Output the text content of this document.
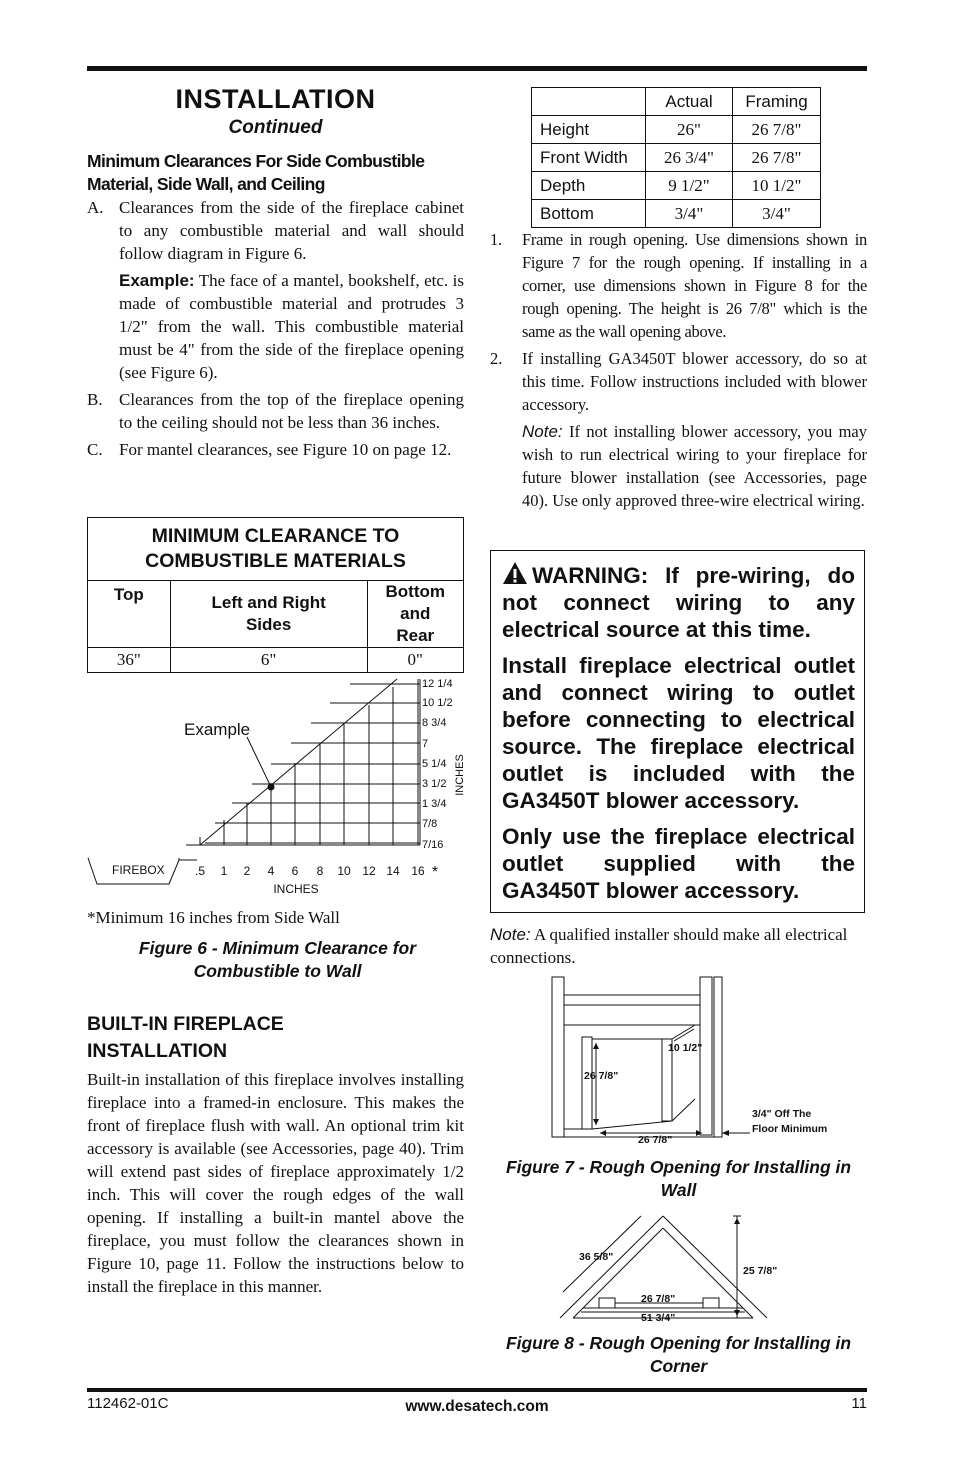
INSTALLATION
Continued
Minimum Clearances For Side Combustible Material, Side Wall, and Ceiling
A. Clearances from the side of the fireplace cabinet to any combustible material and wall should follow diagram in Figure 6.
Example: The face of a mantel, bookshelf, etc. is made of combustible material and protrudes 3 1/2" from the wall. This combustible material must be 4" from the side of the fireplace opening (see Figure 6).
B. Clearances from the top of the fireplace opening to the ceiling should not be less than 36 inches.
C. For mantel clearances, see Figure 10 on page 12.
MINIMUM CLEARANCE TO COMBUSTIBLE MATERIALS		
Top	Left and Right Sides	Bottom and Rear
36"	6"	0"
12 1/4
10 1/2
8 3/4
7
5 1/4
3 1/2
1 3/4
7/8
7/16
INCHES
.5 1 2 4 6 8 10 12 14 16 *
INCHES
FIREBOX
Example
*Minimum 16 inches from Side Wall
Figure 6 - Minimum Clearance for Combustible to Wall
BUILT-IN FIREPLACE INSTALLATION
Built-in installation of this fireplace involves installing fireplace into a framed-in enclosure. This makes the front of fireplace flush with wall. An optional trim kit accessory is available (see Accessories, page 40). Trim will extend past sides of fireplace approximately 1/2 inch. This will cover the rough edges of the wall opening. If installing a built-in mantel above the fireplace, you must follow the clearances shown in Figure 10, page 11. Follow the instructions below to install the fireplace in this manner.
	Actual	Framing
Height	26"	26 7/8"
Front Width	26 3/4"	26 7/8"
Depth	9 1/2"	10 1/2"
Bottom	3/4"	3/4"
1.	Frame in rough opening. Use dimensions shown in Figure 7 for the rough opening. If installing in a corner, use dimensions shown in Figure 8 for the rough opening. The height is 26 7/8" which is the same as the wall opening above.
2.	If installing GA3450T blower accessory, do so at this time. Follow instructions included with blower accessory.
Note: If not installing blower accessory, you may wish to run electrical wiring to your fireplace for future blower installation (see Accessories, page 40). Use only approved three-wire electrical wiring.

WARNING: If pre-wiring, do not connect wiring to any electrical source at this time.

Install fireplace electrical outlet and connect wiring to outlet before connecting to electrical source. The fireplace electrical outlet is included with the GA3450T blower accessory.

Only use the fireplace electrical outlet supplied with the GA3450T blower accessory.

Note: A qualified installer should make all electrical connections.
10 1/2"
26 7/8"
26 7/8"
3/4" Off The Floor Minimum
Figure 7 - Rough Opening for Installing in Wall
36 5/8"
25 7/8"
26 7/8"
51 3/4"
Figure 8 - Rough Opening for Installing in Corner
112462-01C	www.desatech.com	11
